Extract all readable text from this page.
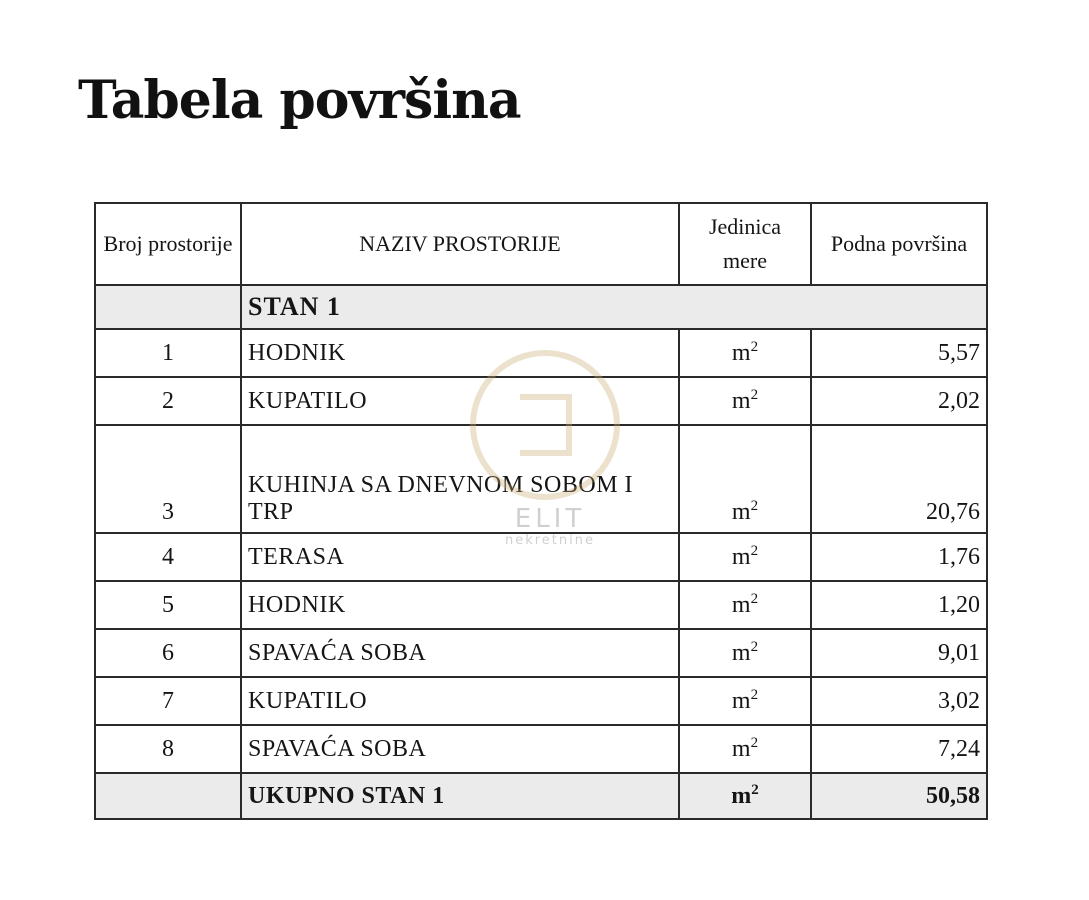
Tabela površina
Broj prostorije	NAZIV PROSTORIJE	Jedinica mere	Podna površina
	STAN 1		
1	HODNIK	$m^2$	5,57
2	KUPATILO	$m^2$	2,02
3	KUHINJA SA DNEVNOM SOBOM I TRP	$m^2$	20,76
4	TERASA	$m^2$	1,76
5	HODNIK	$m^2$	1,20
6	SPAVAĆA SOBA	$m^2$	9,01
7	KUPATILO	$m^2$	3,02
8	SPAVAĆA SOBA	$m^2$	7,24
	UKUPNO STAN 1	$m^2$	50,58
ELIT
nekretnine
